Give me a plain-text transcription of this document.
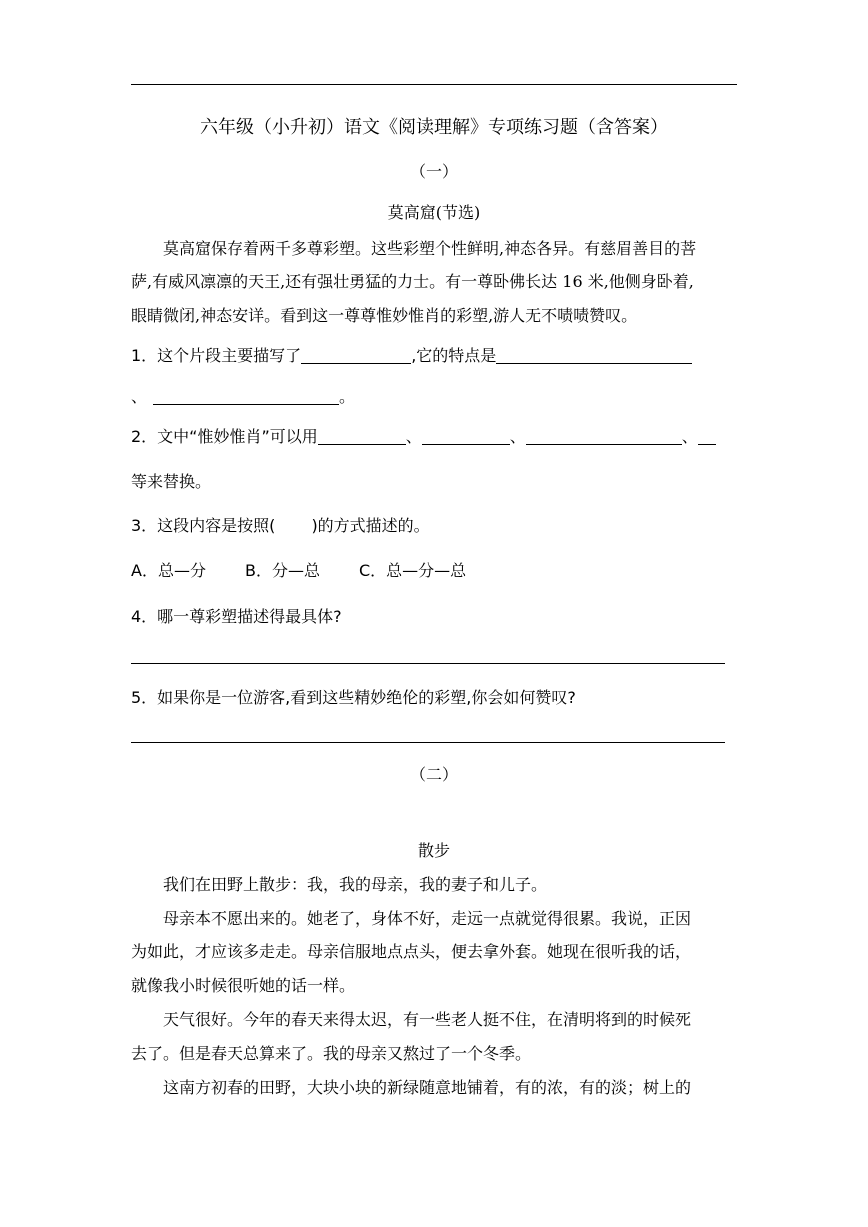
六年级（小升初）语文《阅读理解》专项练习题（含答案）
（一）
莫高窟(节选)
莫高窟保存着两千多尊彩塑。这些彩塑个性鲜明,神态各异。有慈眉善目的菩
萨,有威风凛凛的天王,还有强壮勇猛的力士。有一尊卧佛长达 16 米,他侧身卧着,
眼睛微闭,神态安详。看到这一尊尊惟妙惟肖的彩塑,游人无不啧啧赞叹。
1．这个片段主要描写了	,它的特点是
、	。
2．文中“惟妙惟肖”可以用	、	、	、
等来替换。
3．这段内容是按照( )的方式描述的。
A．总—分 B．分—总 C．总—分—总
4．哪一尊彩塑描述得最具体?
5．如果你是一位游客,看到这些精妙绝伦的彩塑,你会如何赞叹?
（二）
散步
我们在田野上散步：我，我的母亲，我的妻子和儿子。
母亲本不愿出来的。她老了，身体不好，走远一点就觉得很累。我说，正因
为如此，才应该多走走。母亲信服地点点头，便去拿外套。她现在很听我的话，
就像我小时候很听她的话一样。
天气很好。今年的春天来得太迟，有一些老人挺不住，在清明将到的时候死
去了。但是春天总算来了。我的母亲又熬过了一个冬季。
这南方初春的田野，大块小块的新绿随意地铺着，有的浓，有的淡；树上的
